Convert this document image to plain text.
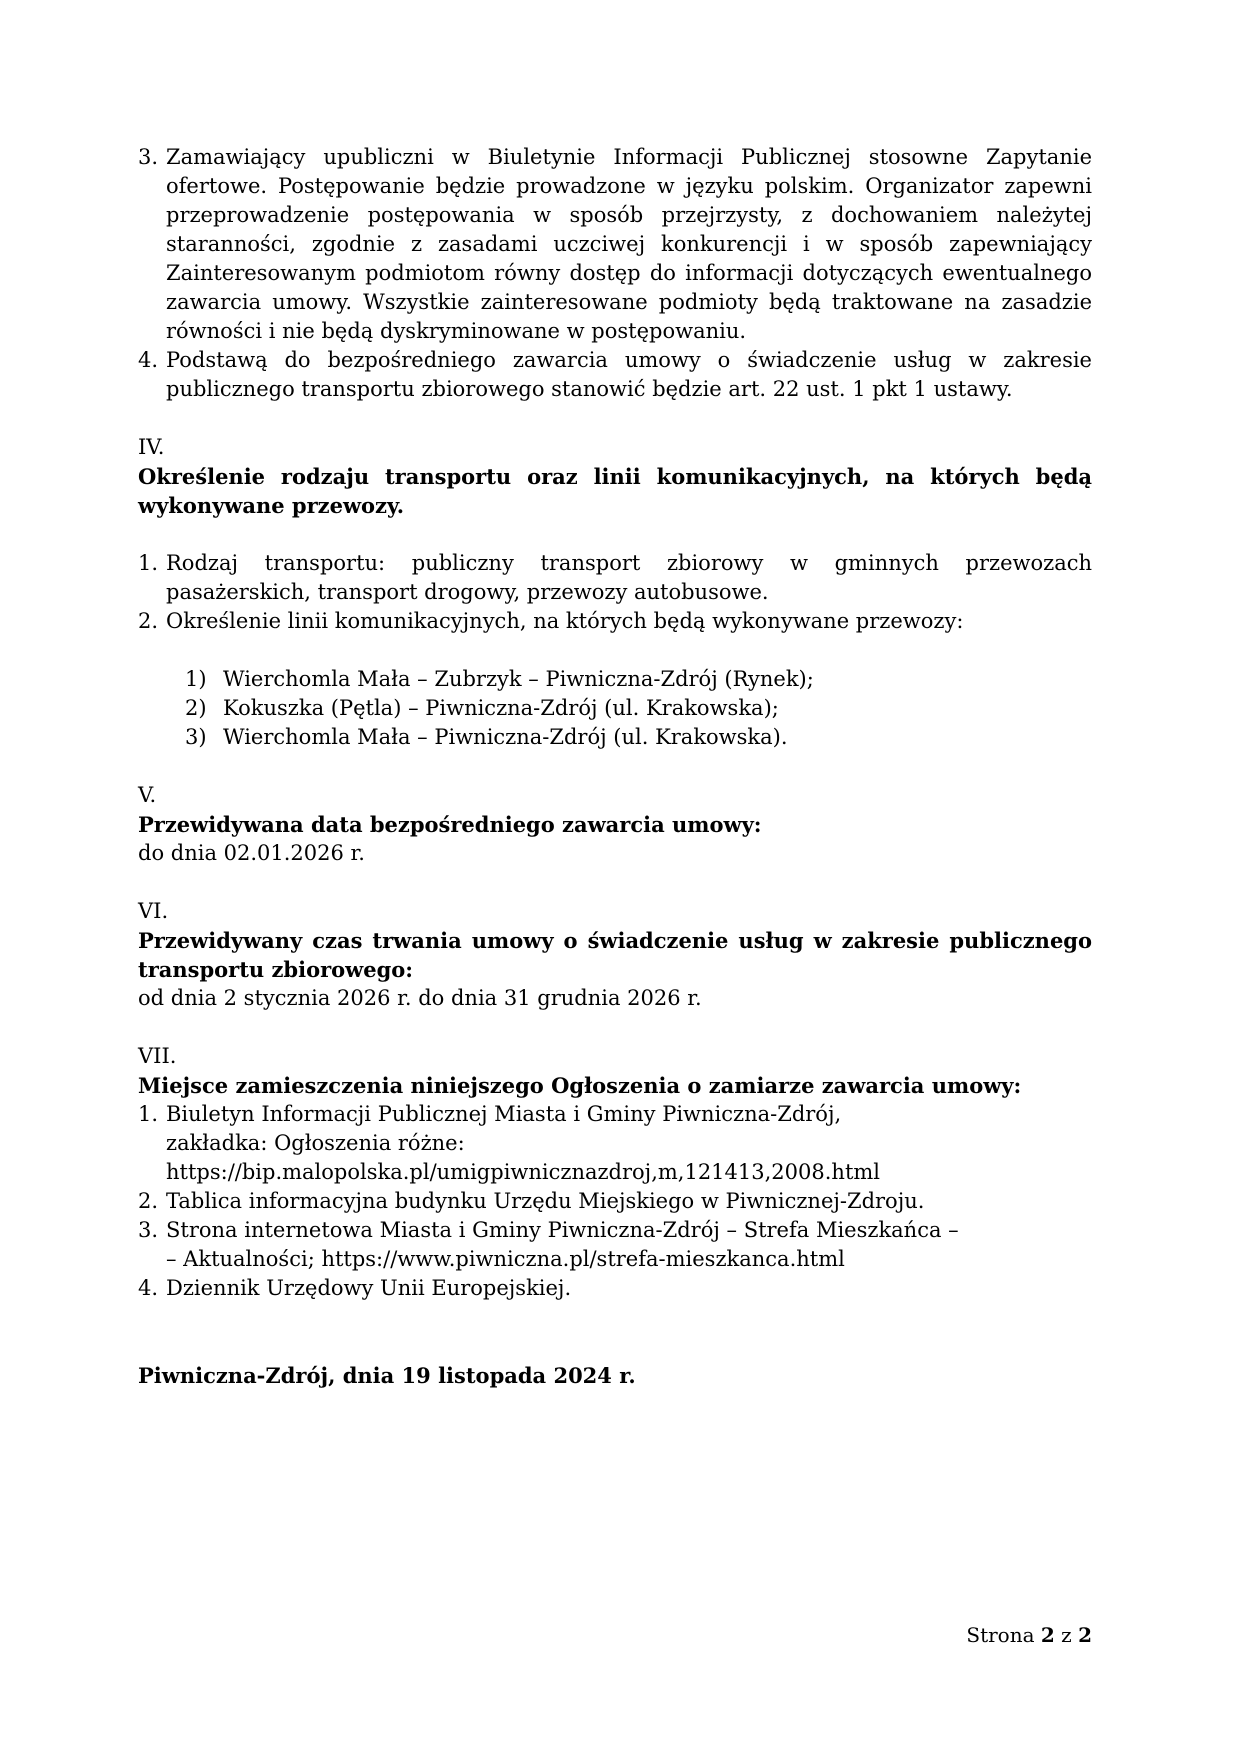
3. Zamawiający upubliczni w Biuletynie Informacji Publicznej stosowne Zapytanie ofertowe. Postępowanie będzie prowadzone w języku polskim. Organizator zapewni przeprowadzenie postępowania w sposób przejrzysty, z dochowaniem należytej staranności, zgodnie z zasadami uczciwej konkurencji i w sposób zapewniający Zainteresowanym podmiotom równy dostęp do informacji dotyczących ewentualnego zawarcia umowy. Wszystkie zainteresowane podmioty będą traktowane na zasadzie równości i nie będą dyskryminowane w postępowaniu.
4. Podstawą do bezpośredniego zawarcia umowy o świadczenie usług w zakresie publicznego transportu zbiorowego stanowić będzie art. 22 ust. 1 pkt 1 ustawy.
IV.
Określenie rodzaju transportu oraz linii komunikacyjnych, na których będą wykonywane przewozy.
1. Rodzaj transportu: publiczny transport zbiorowy w gminnych przewozach pasażerskich, transport drogowy, przewozy autobusowe.
2. Określenie linii komunikacyjnych, na których będą wykonywane przewozy:
1) Wierchomla Mała – Zubrzyk – Piwniczna-Zdrój (Rynek);
2) Kokuszka (Pętla) – Piwniczna-Zdrój (ul. Krakowska);
3) Wierchomla Mała – Piwniczna-Zdrój (ul. Krakowska).
V.
Przewidywana data bezpośredniego zawarcia umowy:
do dnia 02.01.2026 r.
VI.
Przewidywany czas trwania umowy o świadczenie usług w zakresie publicznego transportu zbiorowego:
od dnia 2 stycznia 2026 r. do dnia 31 grudnia 2026 r.
VII.
Miejsce zamieszczenia niniejszego Ogłoszenia o zamiarze zawarcia umowy:
1. Biuletyn Informacji Publicznej Miasta i Gminy Piwniczna-Zdrój,
zakładka: Ogłoszenia różne:
https://bip.malopolska.pl/umigpiwnicznazdroj,m,121413,2008.html
2. Tablica informacyjna budynku Urzędu Miejskiego w Piwnicznej-Zdroju.
3. Strona internetowa Miasta i Gminy Piwniczna-Zdrój – Strefa Mieszkańca –
– Aktualności; https://www.piwniczna.pl/strefa-mieszkanca.html
4. Dziennik Urzędowy Unii Europejskiej.
Piwniczna-Zdrój, dnia 19 listopada 2024 r.
Strona 2 z 2
